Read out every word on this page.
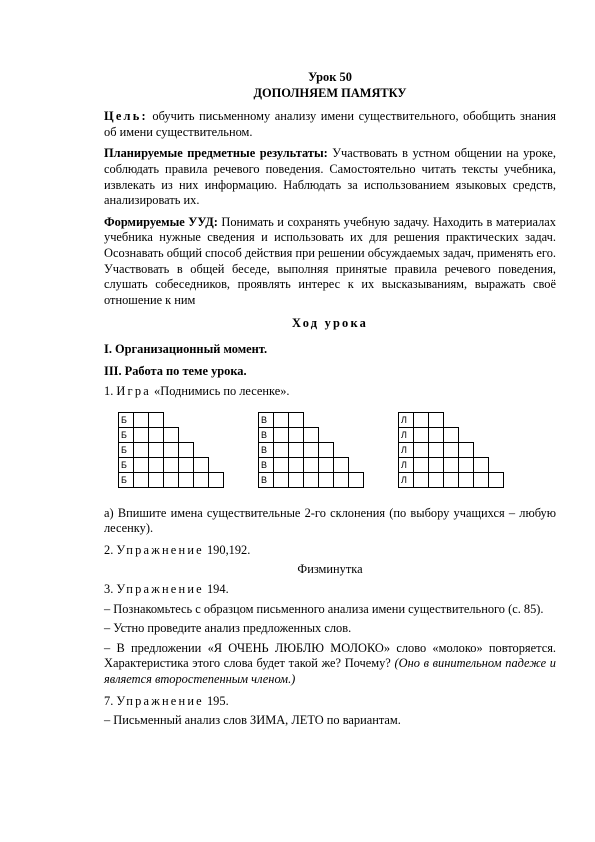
Урок 50

ДОПОЛНЯЕМ ПАМЯТКУ

Цель: обучить письменному анализу имени существительного, обобщить знания об имени существительном.

Планируемые предметные результаты: Участвовать в устном общении на уроке, соблюдать правила речевого поведения. Самостоятельно читать тексты учебника, извлекать из них информацию. Наблюдать за использованием языковых средств, анализировать их.

Формируемые УУД: Понимать и сохранять учебную задачу. Находить в материалах учебника нужные сведения и использовать их для решения практических задач. Осознавать общий способ действия при решении обсуждаемых задач, применять его. Участвовать в общей беседе, выполняя принятые правила речевого поведения, слушать собеседников, проявлять интерес к их высказываниям, выражать своё отношение к ним

Ход урока

I. Организационный момент.

III. Работа по теме урока.

1. Игра «Поднимись по лесенке».

Б
Б
Б
Б
Б
В
В
В
В
В
Л
Л
Л
Л
Л

а) Впишите имена существительные 2-го склонения (по выбору учащихся – любую лесенку).

2. Упражнение 190,192.

Физминутка

3. Упражнение 194.

– Познакомьтесь с образцом письменного анализа имени существительного (с. 85).

– Устно проведите анализ предложенных слов.

– В предложении «Я ОЧЕНЬ ЛЮБЛЮ МОЛОКО» слово «молоко» повторяется. Характеристика этого слова будет такой же? Почему? (Оно в винительном падеже и является второстепенным членом.)

7. Упражнение 195.

– Письменный анализ слов ЗИМА, ЛЕТО по вариантам.
